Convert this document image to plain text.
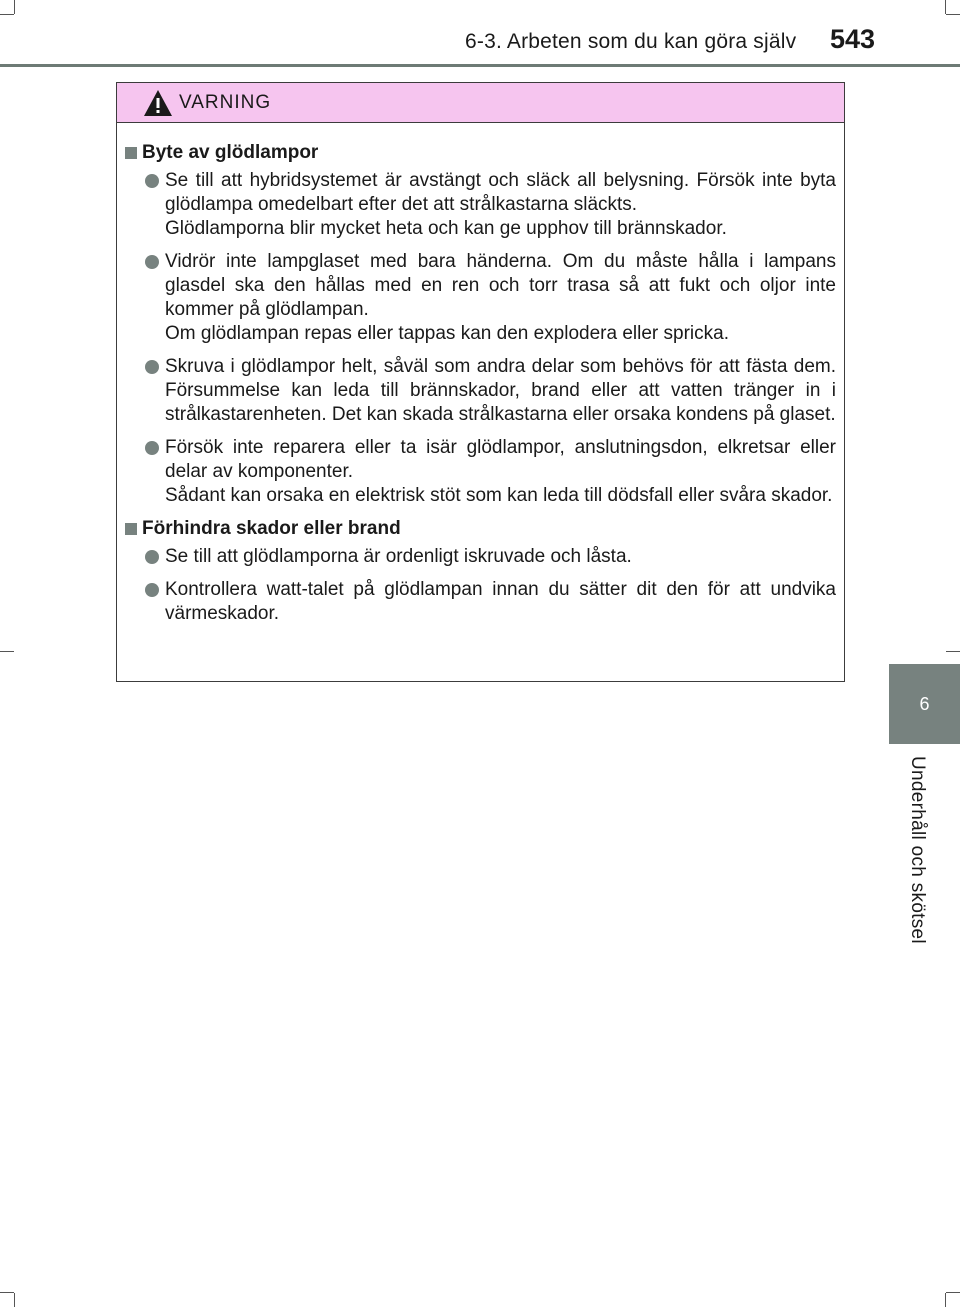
6-3. Arbeten som du kan göra själv 543
6
Underhåll och skötsel
VARNING
Byte av glödlampor

Se till att hybridsystemet är avstängt och släck all belysning. Försök inte byta glödlampa omedelbart efter det att strålkastarna släckts.

Glödlamporna blir mycket heta och kan ge upphov till brännskador.

Vidrör inte lampglaset med bara händerna. Om du måste hålla i lampans glasdel ska den hållas med en ren och torr trasa så att fukt och oljor inte kommer på glödlampan.

Om glödlampan repas eller tappas kan den explodera eller spricka.

Skruva i glödlampor helt, såväl som andra delar som behövs för att fästa dem. Försummelse kan leda till brännskador, brand eller att vatten tränger in i strålkastarenheten. Det kan skada strålkastarna eller orsaka kondens på glaset.

Försök inte reparera eller ta isär glödlampor, anslutningsdon, elkretsar eller delar av komponenter.

Sådant kan orsaka en elektrisk stöt som kan leda till dödsfall eller svåra skador.

Förhindra skador eller brand

Se till att glödlamporna är ordenligt iskruvade och låsta.

Kontrollera watt-talet på glödlampan innan du sätter dit den för att undvika värmeskador.
